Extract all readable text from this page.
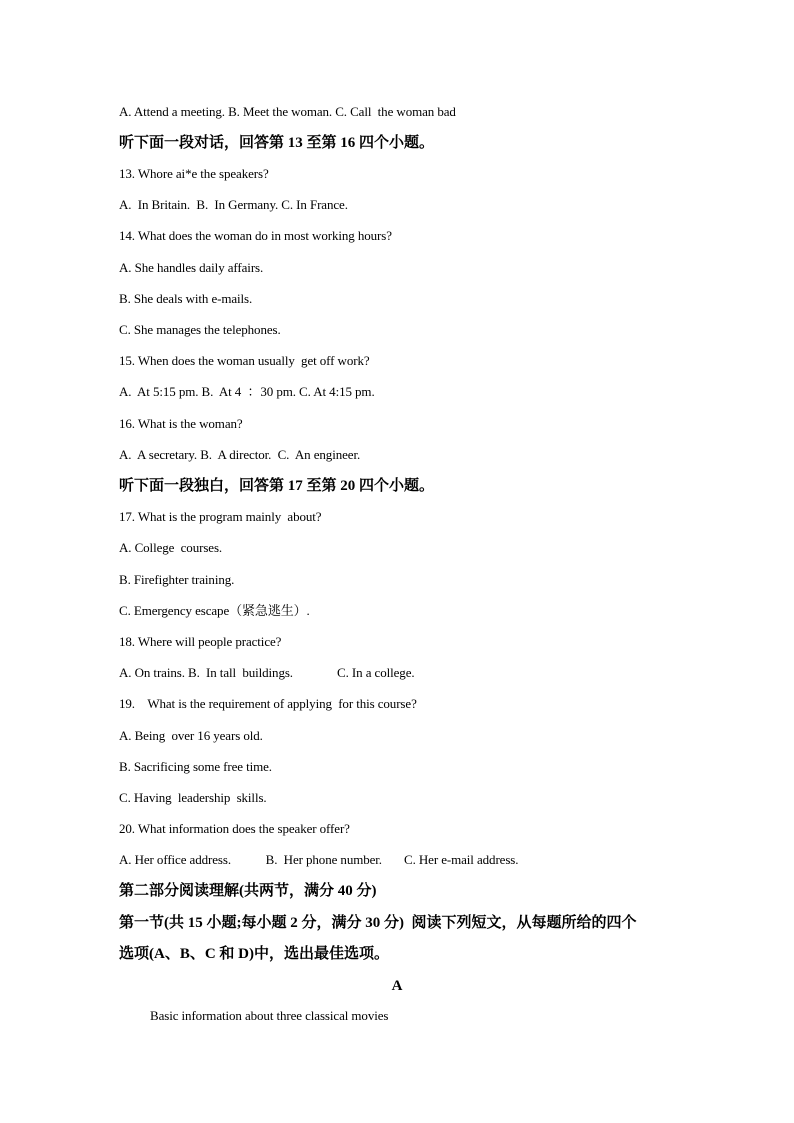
A. Attend a meeting. B. Meet the woman. C. Call  the woman bad
听下面一段对话，回答第 13 至第 16 四个小题。
13. Whore ai*e the speakers?
A.  In Britain.  B.  In Germany. C. In France.
14. What does the woman do in most working hours?
A. She handles daily affairs.
B. She deals with e-mails.
C. She manages the telephones.
15. When does the woman usually  get off work?
A.  At 5:15 pm. B.  At 4  ：30 pm. C. At 4:15 pm.
16. What is the woman?
A.  A secretary. B.  A director.  C.  An engineer.
听下面一段独白，回答第 17 至第 20 四个小题。
17. What is the program mainly  about?
A. College  courses.
B. Firefighter training.
C. Emergency escape（紧急逃生）.
18. Where will people practice?
A. On trains. B.  In tall  buildings.              C. In a college.
19.    What is the requirement of applying  for this course?
A. Being  over 16 years old.
B. Sacrificing some free time.
C. Having  leadership  skills.
20. What information does the speaker offer?
A. Her office address.           B.  Her phone number.       C. Her e-mail address.
第二部分阅读理解(共两节，满分 40 分)
第一节(共 15 小题;每小题 2 分，满分 30 分)  阅读下列短文，从每题所给的四个
选项(A、B、C 和 D)中，选出最佳选项。
A
Basic information about three classical movies
